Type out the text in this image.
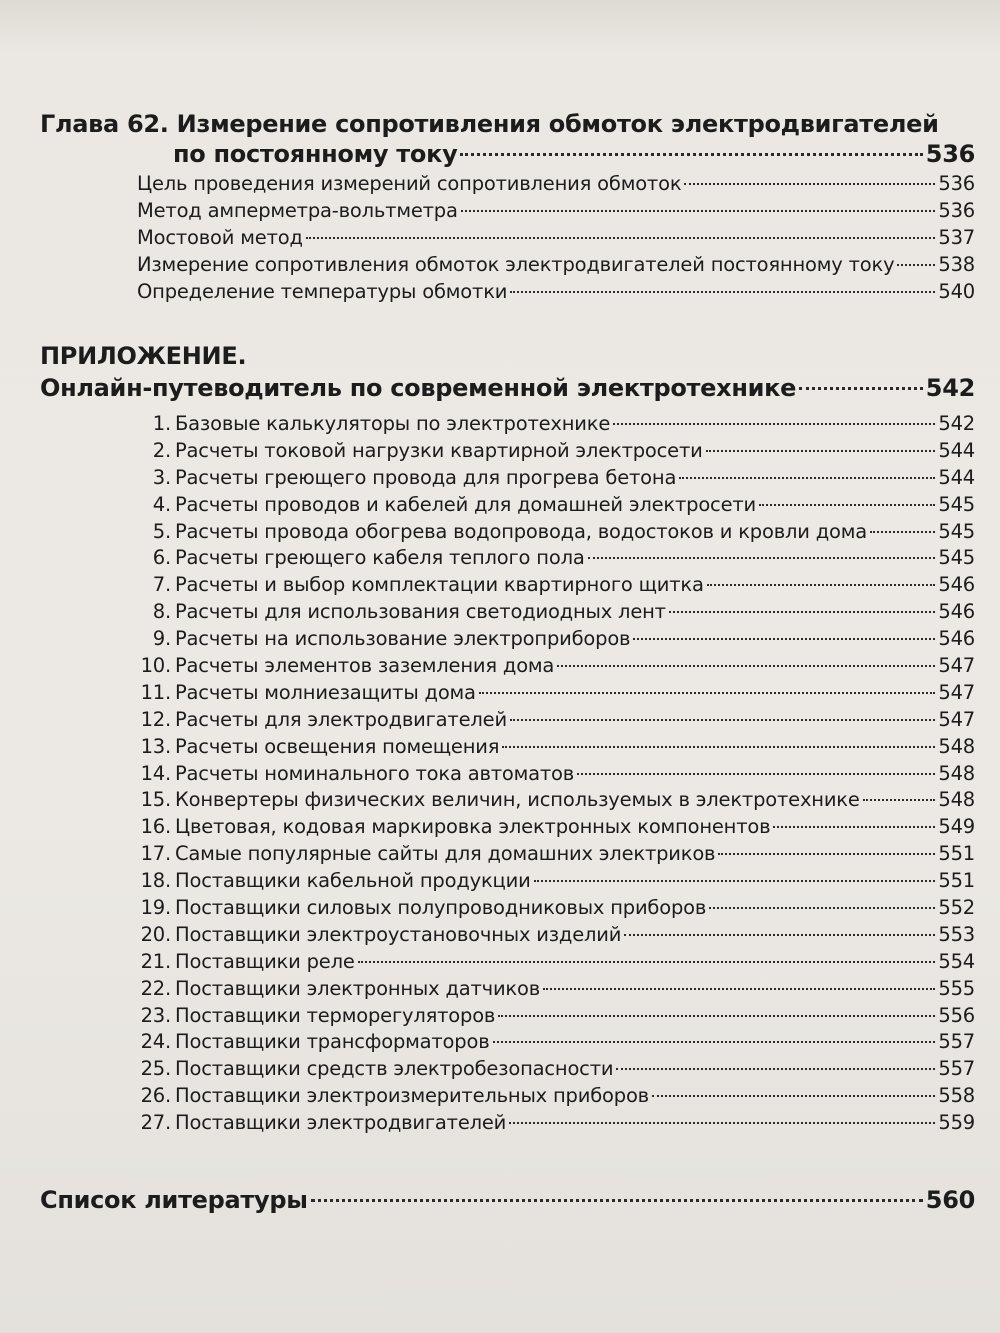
Глава 62. Измерение сопротивления обмоток электродвигателей
по постоянному току	536
Цель проведения измерений сопротивления обмоток	536
Метод амперметра-вольтметра	536
Мостовой метод	537
Измерение сопротивления обмоток электродвигателей постоянному току 538
Определение температуры обмотки	540
ПРИЛОЖЕНИЕ.
Онлайн-путеводитель по современной электротехнике	542
1. Базовые калькуляторы по электротехнике	542
2. Расчеты токовой нагрузки квартирной электросети	544
3. Расчеты греющего провода для прогрева бетона	544
4. Расчеты проводов и кабелей для домашней электросети	545
5. Расчеты провода обогрева водопровода, водостоков и кровли дома	545
6. Расчеты греющего кабеля теплого пола	545
7. Расчеты и выбор комплектации квартирного щитка	546
8. Расчеты для использования светодиодных лент	546
9. Расчеты на использование электроприборов	546
10. Расчеты элементов заземления дома	547
11. Расчеты молниезащиты дома	547
12. Расчеты для электродвигателей	547
13. Расчеты освещения помещения	548
14. Расчеты номинального тока автоматов	548
15. Конвертеры физических величин, используемых в электротехнике	548
16. Цветовая, кодовая маркировка электронных компонентов	549
17. Самые популярные сайты для домашних электриков	551
18. Поставщики кабельной продукции	551
19. Поставщики силовых полупроводниковых приборов	552
20. Поставщики электроустановочных изделий	553
21. Поставщики реле	554
22. Поставщики электронных датчиков	555
23. Поставщики терморегуляторов	556
24. Поставщики трансформаторов	557
25. Поставщики средств электробезопасности	557
26. Поставщики электроизмерительных приборов	558
27. Поставщики электродвигателей	559
Список литературы	560
